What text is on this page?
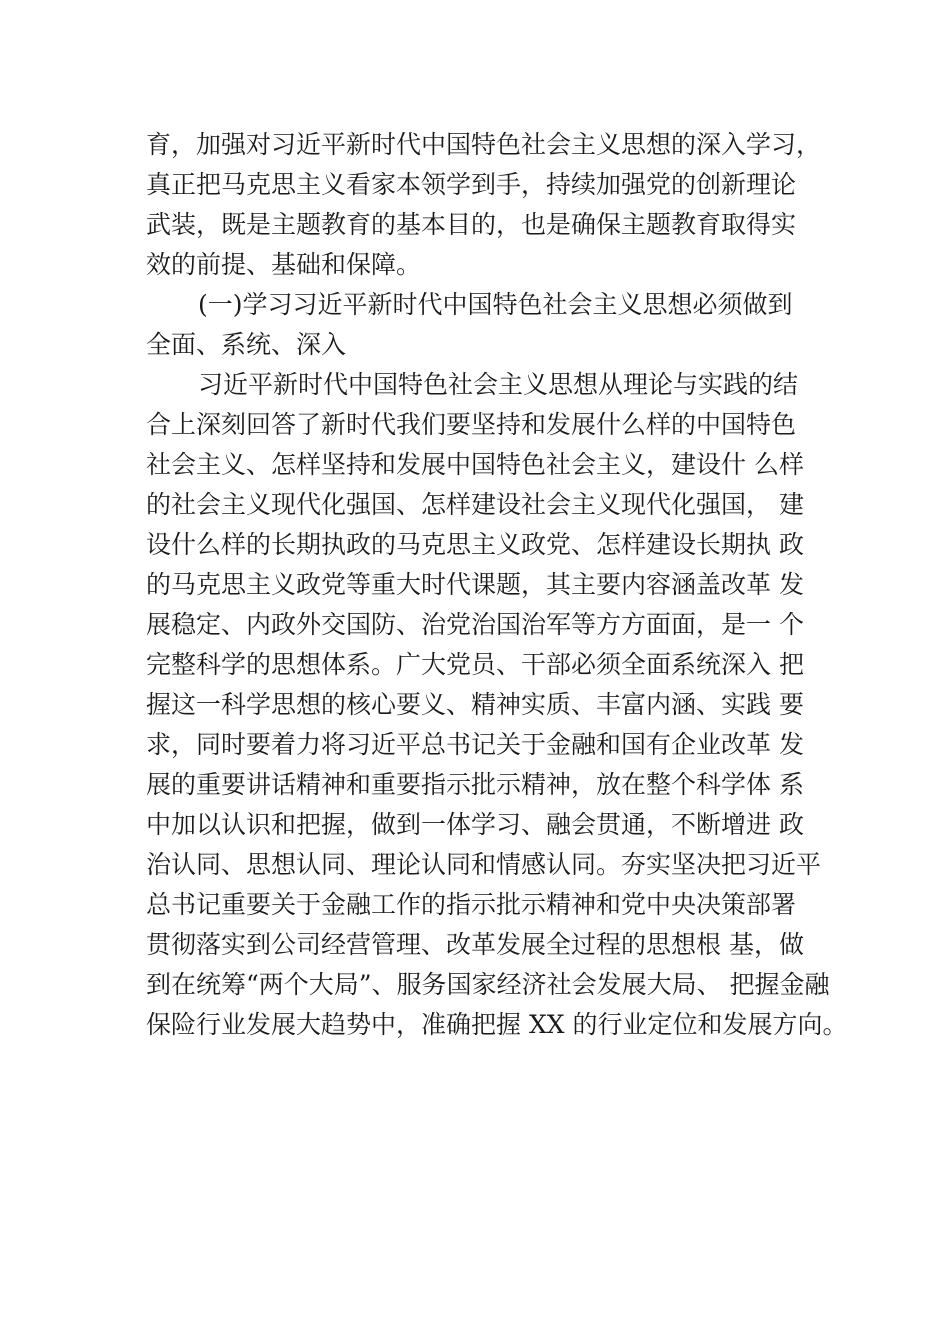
育，加强对习近平新时代中国特色社会主义思想的深入学习，
真正把马克思主义看家本领学到手，持续加强党的创新理论
武装，既是主题教育的基本目的，也是确保主题教育取得实
效的前提、基础和保障。
(一)学习习近平新时代中国特色社会主义思想必须做到
全面、系统、深入
习近平新时代中国特色社会主义思想从理论与实践的结
合上深刻回答了新时代我们要坚持和发展什么样的中国特色
社会主义、怎样坚持和发展中国特色社会主义，建设什 么样
的社会主义现代化强国、怎样建设社会主义现代化强国， 建
设什么样的长期执政的马克思主义政党、怎样建设长期执 政
的马克思主义政党等重大时代课题，其主要内容涵盖改革 发
展稳定、内政外交国防、治党治国治军等方方面面，是一 个
完整科学的思想体系。广大党员、干部必须全面系统深入 把
握这一科学思想的核心要义、精神实质、丰富内涵、实践 要
求，同时要着力将习近平总书记关于金融和国有企业改革 发
展的重要讲话精神和重要指示批示精神，放在整个科学体 系
中加以认识和把握，做到一体学习、融会贯通，不断增进 政
治认同、思想认同、理论认同和情感认同。夯实坚决把习近平
总书记重要关于金融工作的指示批示精神和党中央决策部署
贯彻落实到公司经营管理、改革发展全过程的思想根 基，做
到在统筹“两个大局”、服务国家经济社会发展大局、 把握金融
保险行业发展大趋势中，准确把握 XX 的行业定位和发展方向。
